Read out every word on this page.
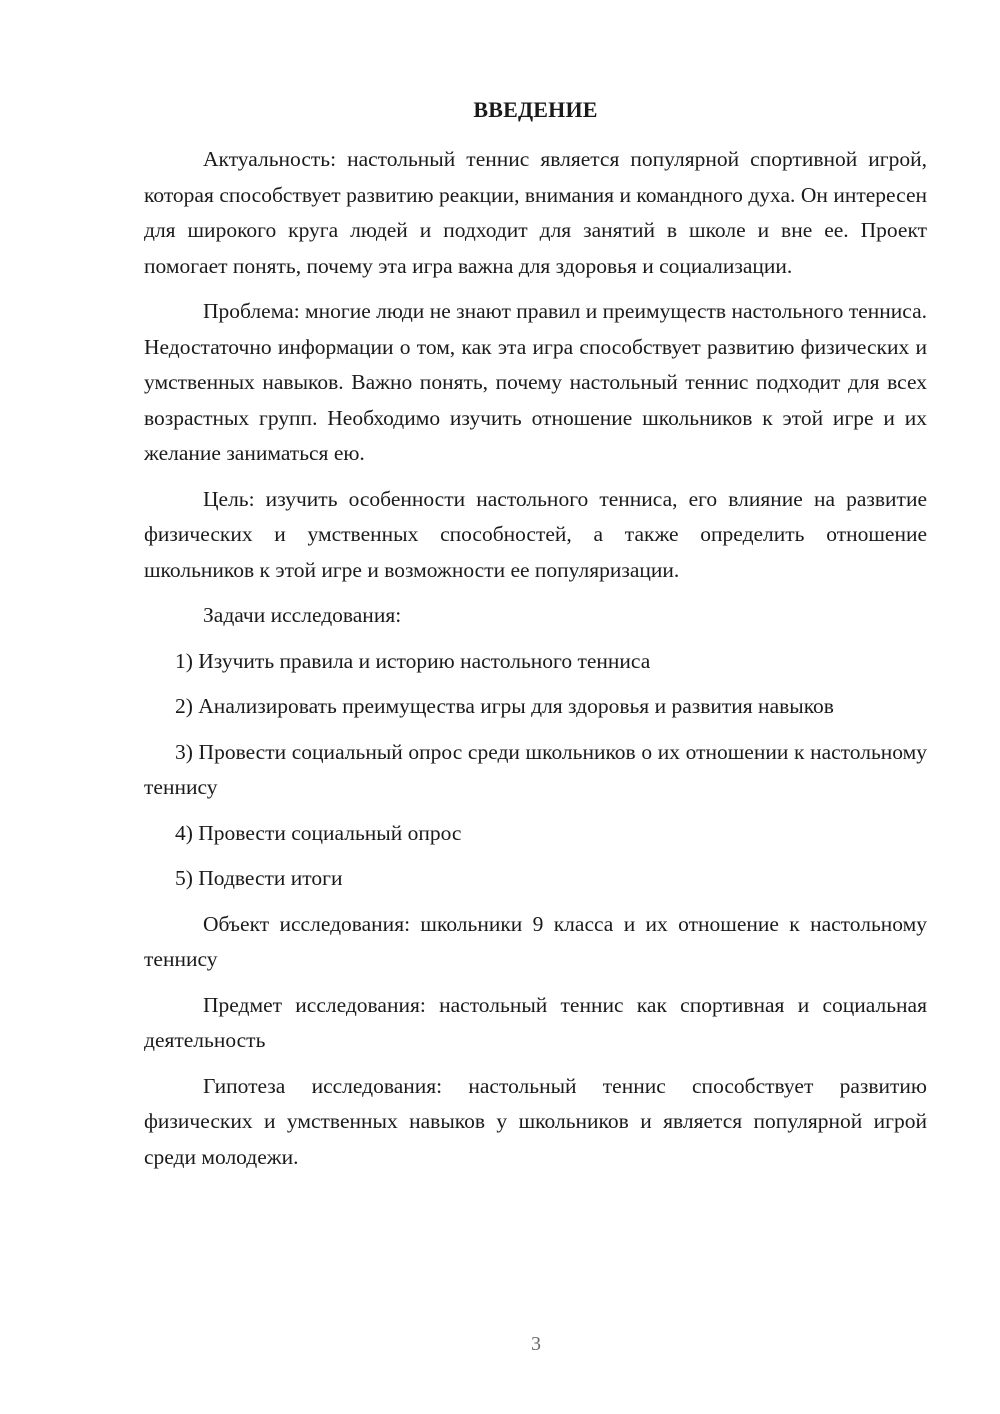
ВВЕДЕНИЕ

Актуальность: настольный теннис является популярной спортивной игрой, которая способствует развитию реакции, внимания и командного духа. Он интересен для широкого круга людей и подходит для занятий в школе и вне ее. Проект помогает понять, почему эта игра важна для здоровья и социализации.

Проблема: многие люди не знают правил и преимуществ настольного тенниса. Недостаточно информации о том, как эта игра способствует развитию физических и умственных навыков. Важно понять, почему настольный теннис подходит для всех возрастных групп. Необходимо изучить отношение школьников к этой игре и их желание заниматься ею.

Цель: изучить особенности настольного тенниса, его влияние на развитие физических и умственных способностей, а также определить отношение школьников к этой игре и возможности ее популяризации.

Задачи исследования:

1) Изучить правила и историю настольного тенниса

2) Анализировать преимущества игры для здоровья и развития навыков

3) Провести социальный опрос среди школьников о их отношении к настольному теннису

4) Провести социальный опрос

5) Подвести итоги

Объект исследования: школьники 9 класса и их отношение к настольному теннису

Предмет исследования: настольный теннис как спортивная и социальная деятельность

Гипотеза исследования: настольный теннис способствует развитию физических и умственных навыков у школьников и является популярной игрой среди молодежи.

3
